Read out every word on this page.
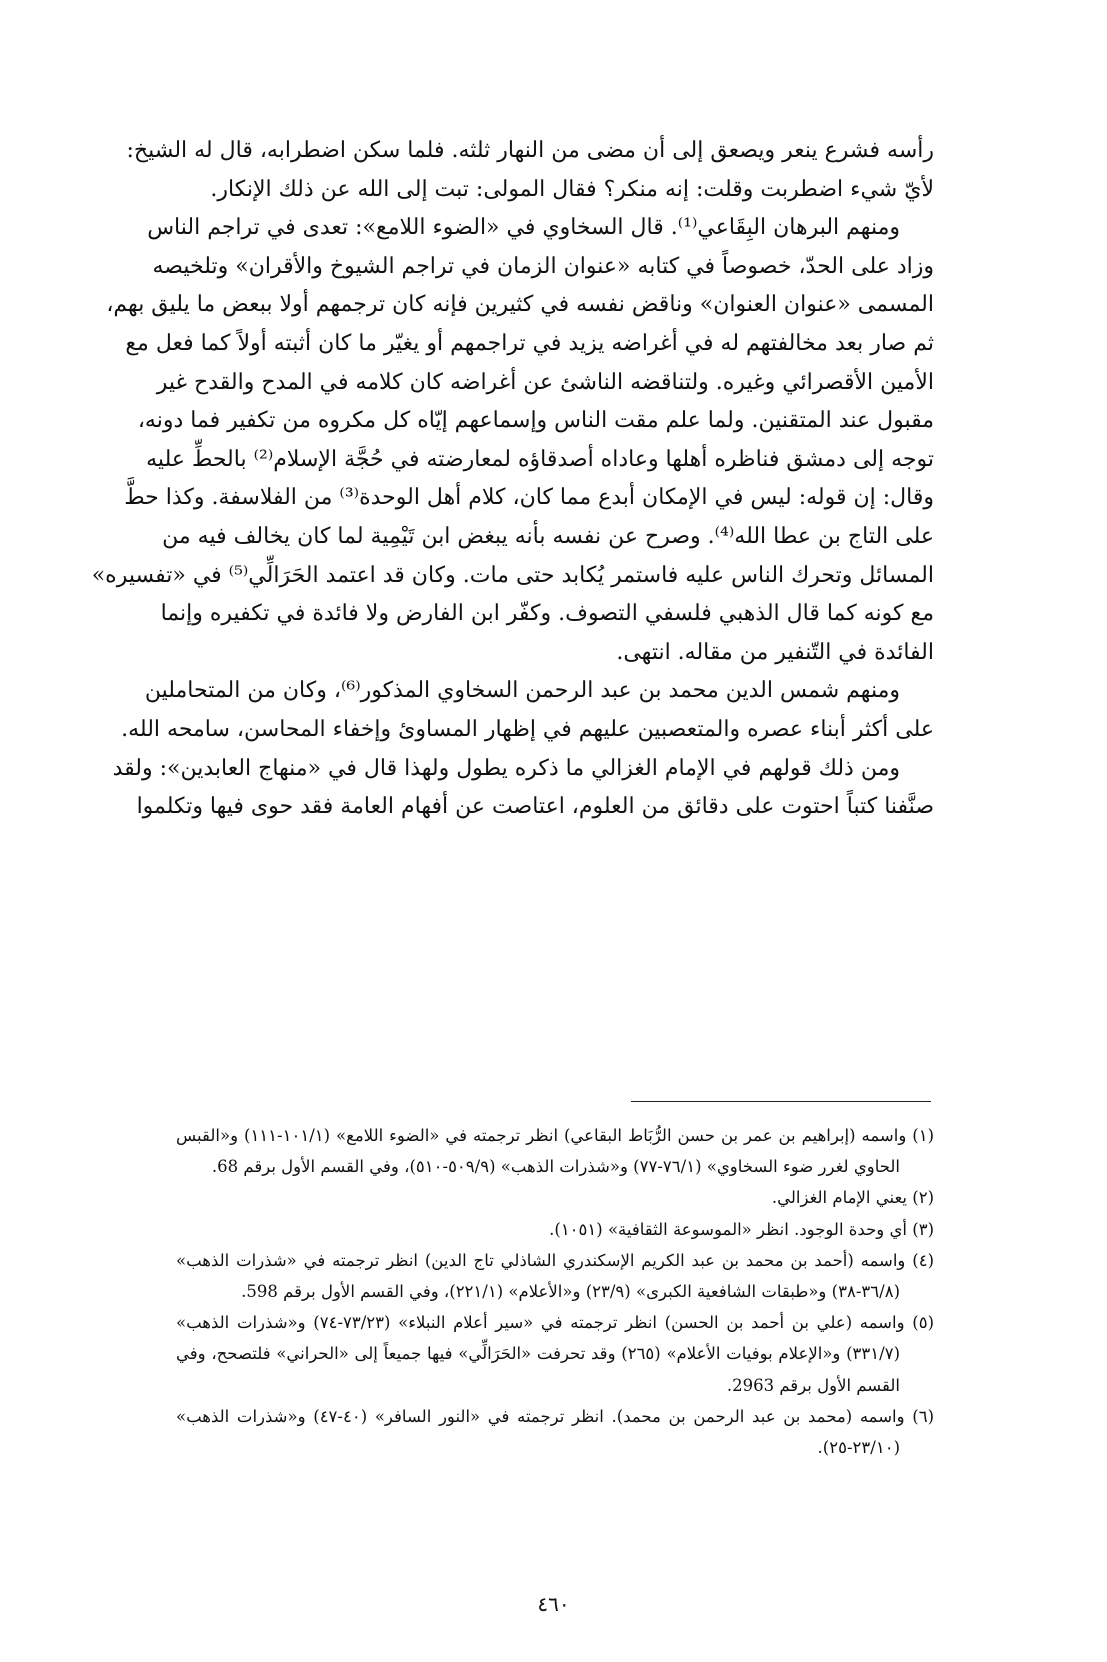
رأسه فشرع ينعر ويصعق إلى أن مضى من النهار ثلثه. فلما سكن اضطرابه، قال له الشيخ:
لأيّ شيء اضطربت وقلت: إنه منكر؟ فقال المولى: تبت إلى الله عن ذلك الإنكار.
ومنهم البرهان البِقَاعي⁽¹⁾. قال السخاوي في «الضوء اللامع»: تعدى في تراجم الناس
وزاد على الحدّ، خصوصاً في كتابه «عنوان الزمان في تراجم الشيوخ والأقران» وتلخيصه
المسمى «عنوان العنوان» وناقض نفسه في كثيرين فإنه كان ترجمهم أولا ببعض ما يليق بهم،
ثم صار بعد مخالفتهم له في أغراضه يزيد في تراجمهم أو يغيّر ما كان أثبته أولاً كما فعل مع
الأمين الأقصرائي وغيره. ولتناقضه الناشئ عن أغراضه كان كلامه في المدح والقدح غير
مقبول عند المتقنين. ولما علم مقت الناس وإسماعهم إيّاه كل مكروه من تكفير فما دونه،
توجه إلى دمشق فناظره أهلها وعاداه أصدقاؤه لمعارضته في حُجَّة الإسلام⁽²⁾ بالحطِّ عليه
وقال: إن قوله: ليس في الإمكان أبدع مما كان، كلام أهل الوحدة⁽³⁾ من الفلاسفة. وكذا حطَّ
على التاج بن عطا الله⁽⁴⁾. وصرح عن نفسه بأنه يبغض ابن تَيْمِية لما كان يخالف فيه من
المسائل وتحرك الناس عليه فاستمر يُكابد حتى مات. وكان قد اعتمد الحَرَالِّي⁽⁵⁾ في «تفسيره»
مع كونه كما قال الذهبي فلسفي التصوف. وكفّر ابن الفارض ولا فائدة في تكفيره وإنما
الفائدة في التّنفير من مقاله. انتهى.
ومنهم شمس الدين محمد بن عبد الرحمن السخاوي المذكور⁽⁶⁾، وكان من المتحاملين
على أكثر أبناء عصره والمتعصبين عليهم في إظهار المساوئ وإخفاء المحاسن، سامحه الله.
ومن ذلك قولهم في الإمام الغزالي ما ذكره يطول ولهذا قال في «منهاج العابدين»: ولقد
صنَّفنا كتباً احتوت على دقائق من العلوم، اعتاصت عن أفهام العامة فقد حوى فيها وتكلموا
(١) واسمه (إبراهيم بن عمر بن حسن الرُّبَاط البقاعي) انظر ترجمته في «الضوء اللامع» (١٠١/١-١١١) و«القبس
الحاوي لغرر ضوء السخاوي» (٧٦/١-٧٧) و«شذرات الذهب» (٥٠٩/٩-٥١٠)، وفي القسم الأول برقم 68.
(٢) يعني الإمام الغزالي.
(٣) أي وحدة الوجود. انظر «الموسوعة الثقافية» (١٠٥١).
(٤) واسمه (أحمد بن محمد بن عبد الكريم الإسكندري الشاذلي تاج الدين) انظر ترجمته في «شذرات الذهب»
(٣٦/٨-٣٨) و«طبقات الشافعية الكبرى» (٢٣/٩) و«الأعلام» (٢٢١/١)، وفي القسم الأول برقم 598.
(٥) واسمه (علي بن أحمد بن الحسن) انظر ترجمته في «سير أعلام النبلاء» (٧٣/٢٣-٧٤) و«شذرات الذهب»
(٣٣١/٧) و«الإعلام بوفيات الأعلام» (٢٦٥) وقد تحرفت «الحَرَالِّي» فيها جميعاً إلى «الحراني» فلتصحح، وفي
القسم الأول برقم 2963.
(٦) واسمه (محمد بن عبد الرحمن بن محمد). انظر ترجمته في «النور السافر» (٤٠-٤٧) و«شذرات الذهب»
(٢٣/١٠-٢٥).
٤٦٠
